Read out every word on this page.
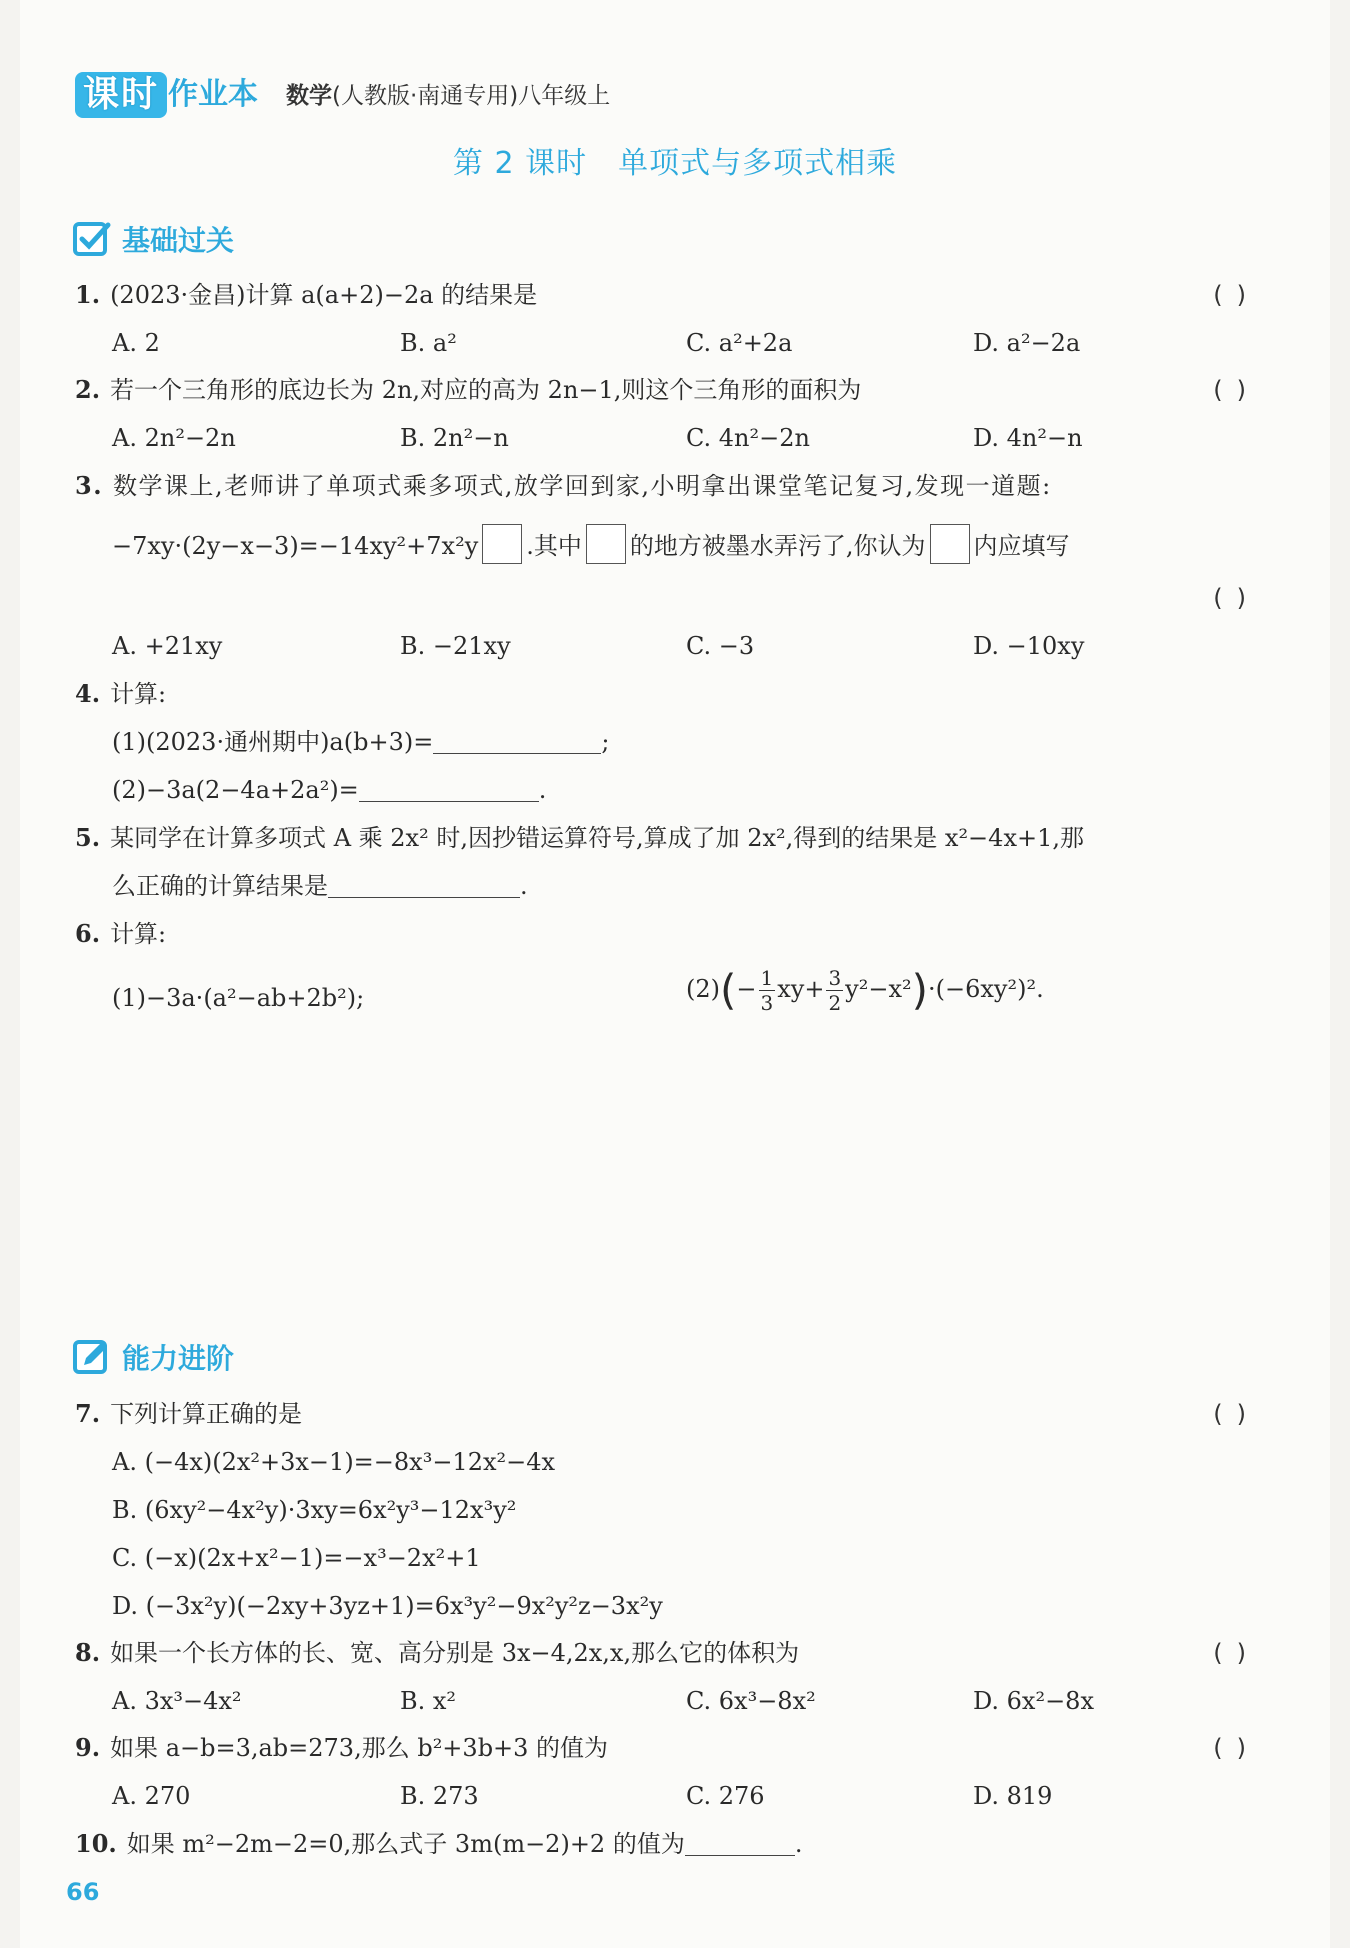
课时 作业本 数学(人教版·南通专用)八年级上
第 2 课时　单项式与多项式相乘
基础过关
1. (2023·金昌)计算 a(a+2)−2a 的结果是	()
A. 2	B. a²	C. a²+2a	D. a²−2a
2. 若一个三角形的底边长为 2n,对应的高为 2n−1,则这个三角形的面积为	()
A. 2n²−2n	B. 2n²−n	C. 4n²−2n	D. 4n²−n
3. 数学课上,老师讲了单项式乘多项式,放学回到家,小明拿出课堂笔记复习,发现一道题:
−7xy·(2y−x−3)=−14xy²+7x²y .其中 的地方被墨水弄污了,你认为 内应填写
()
A. +21xy	B. −21xy	C. −3	D. −10xy
4. 计算:
(1)(2023·通州期中)a(b+3)=	;
(2)−3a(2−4a+2a²)=	.
5. 某同学在计算多项式 A 乘 2x² 时,因抄错运算符号,算成了加 2x²,得到的结果是 x²−4x+1,那
么正确的计算结果是	.
6. 计算:
(1)−3a·(a²−ab+2b²);	$(2)(- \frac{1}{3} xy+ \frac{3}{2} y^2-x^2)\cdot(-6xy^2)^2$.
能力进阶
7. 下列计算正确的是	()
A. (−4x)(2x²+3x−1)=−8x³−12x²−4x
B. (6xy²−4x²y)·3xy=6x²y³−12x³y²
C. (−x)(2x+x²−1)=−x³−2x²+1
D. (−3x²y)(−2xy+3yz+1)=6x³y²−9x²y²z−3x²y
8. 如果一个长方体的长、宽、高分别是 3x−4,2x,x,那么它的体积为	()
A. 3x³−4x²	B. x²	C. 6x³−8x²	D. 6x²−8x
9. 如果 a−b=3,ab=273,那么 b²+3b+3 的值为	()
A. 270	B. 273	C. 276	D. 819
10. 如果 m²−2m−2=0,那么式子 3m(m−2)+2 的值为	.
66
